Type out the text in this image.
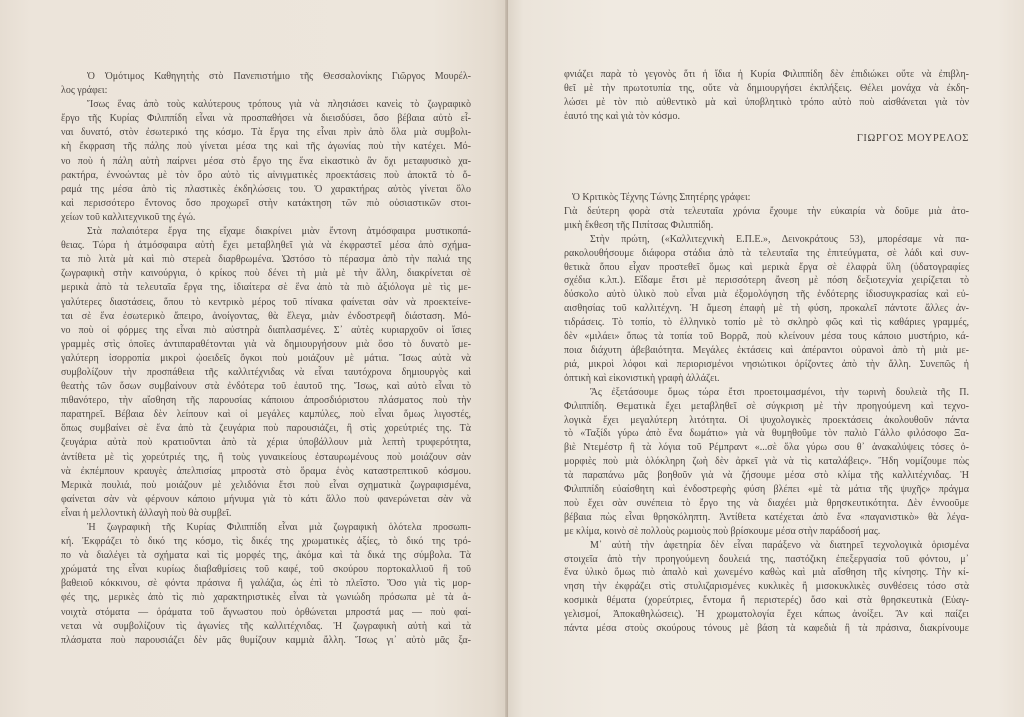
Ὁ Ὁμότιμος Καθηγητὴς στὸ Πανεπιστήμιο τῆς Θεσσαλονίκης Γιῶργος Μουρέλ-
λος γράφει:
Ἴσως ἕνας ἀπὸ τοὺς καλύτερους τρόπους γιὰ νὰ πλησιάσει κανεὶς τὸ ζωγραφικὸ
ἔργο τῆς Κυρίας Φιλιππίδη εἶναι νὰ προσπαθήσει νὰ διεισδύσει, ὅσο βέβαια αὐτὸ εἶ-
ναι δυνατό, στὸν ἐσωτερικό της κόσμο. Τὰ ἔργα της εἶναι πρὶν ἀπὸ ὅλα μιὰ συμβολι-
κὴ ἔκφραση τῆς πάλης ποὺ γίνεται μέσα της καὶ τῆς ἀγωνίας ποὺ τὴν κατέχει. Μό-
νο ποὺ ἡ πάλη αὐτὴ παίρνει μέσα στὸ ἔργο της ἕνα εἰκαστικὸ ἂν ὄχι μεταφυσικὸ χα-
ρακτήρα, ἐννοώντας μὲ τὸν ὅρο αὐτὸ τὶς αἰνιγματικὲς προεκτάσεις ποὺ ἀποκτᾶ τὸ ὅ-
ραμά της μέσα ἀπὸ τὶς πλαστικὲς ἐκδηλώσεις του. Ὁ χαρακτήρας αὐτὸς γίνεται ὅλο
καὶ περισσότερο ἔντονος ὅσο προχωρεῖ στὴν κατάκτηση τῶν πιὸ οὐσιαστικῶν στοι-
χείων τοῦ καλλιτεχνικοῦ της ἐγώ.
Στὰ παλαιότερα ἔργα της εἴχαμε διακρίνει μιὰν ἔντονη ἀτμόσφαιρα μυστικοπά-
θειας. Τώρα ἡ ἀτμόσφαιρα αὐτὴ ἔχει μεταβληθεῖ γιὰ νὰ ἐκφραστεῖ μέσα ἀπὸ σχήμα-
τα πιὸ λιτὰ μὰ καὶ πιὸ στερεὰ διαρθρωμένα. Ὡστόσο τὸ πέρασμα ἀπὸ τὴν παλιά της
ζωγραφικὴ στὴν καινούργια, ὁ κρίκος ποὺ δένει τὴ μιὰ μὲ τὴν ἄλλη, διακρίνεται σὲ
μερικὰ ἀπὸ τὰ τελευταῖα ἔργα της, ἰδιαίτερα σὲ ἕνα ἀπὸ τὰ πιὸ ἀξιόλογα μὲ τὶς με-
γαλύτερες διαστάσεις, ὅπου τὸ κεντρικὸ μέρος τοῦ πίνακα φαίνεται σὰν νὰ προεκτείνε-
ται σὲ ἕνα ἐσωτερικὸ ἄπειρο, ἀνοίγοντας, θὰ ἔλεγα, μιὰν ἐνδοστρεφῆ διάσταση. Μό-
νο ποὺ οἱ φόρμες της εἶναι πιὸ αὐστηρὰ διαπλασμένες. Σ᾿ αὐτὲς κυριαρχοῦν οἱ ἴσιες
γραμμὲς στὶς ὁποῖες ἀντιπαραθέτονται γιὰ νὰ δημιουργήσουν μιὰ ὅσο τὸ δυνατὸ με-
γαλύτερη ἰσορροπία μικροὶ ᾠοειδεῖς ὄγκοι ποὺ μοιάζουν μὲ μάτια. Ἴσως αὐτὰ νὰ
συμβολίζουν τὴν προσπάθεια τῆς καλλιτέχνιδας νὰ εἶναι ταυτόχρονα δημιουργὸς καὶ
θεατὴς τῶν ὅσων συμβαίνουν στὰ ἐνδότερα τοῦ ἑαυτοῦ της. Ἴσως, καὶ αὐτὸ εἶναι τὸ
πιθανότερο, τὴν αἴσθηση τῆς παρουσίας κάποιου ἀπροσδιόριστου πλάσματος ποὺ τὴν
παρατηρεῖ. Βέβαια δὲν λείπουν καὶ οἱ μεγάλες καμπύλες, ποὺ εἶναι ὅμως λιγοστές,
ὅπως συμβαίνει σὲ ἕνα ἀπὸ τὰ ζευγάρια ποὺ παρουσιάζει, ἢ στὶς χορεύτριές της. Τὰ
ζευγάρια αὐτὰ ποὺ κρατιοῦνται ἀπὸ τὰ χέρια ὑποβάλλουν μιὰ λεπτὴ τρυφερότητα,
ἀντίθετα μὲ τὶς χορεύτριές της, ἢ τοὺς γυναικείους ἐσταυρωμένους ποὺ μοιάζουν σὰν
νὰ ἐκπέμπουν κραυγὲς ἀπελπισίας μπροστὰ στὸ ὅραμα ἑνὸς καταστρεπτικοῦ κόσμου.
Μερικὰ πουλιά, ποὺ μοιάζουν μὲ χελιδόνια ἔτσι ποὺ εἶναι σχηματικὰ ζωγραφισμένα,
φαίνεται σὰν νὰ φέρνουν κάποιο μήνυμα γιὰ τὸ κάτι ἄλλο ποὺ φανερώνεται σὰν νὰ
εἶναι ἡ μελλοντικὴ ἀλλαγὴ ποὺ θὰ συμβεῖ.
Ἡ ζωγραφικὴ τῆς Κυρίας Φιλιππίδη εἶναι μιὰ ζωγραφικὴ ὁλότελα προσωπι-
κή. Ἐκφράζει τὸ δικό της κόσμο, τὶς δικές της χρωματικὲς ἀξίες, τὸ δικό της τρό-
πο νὰ διαλέγει τὰ σχήματα καὶ τὶς μορφές της, ἀκόμα καὶ τὰ δικά της σύμβολα. Τὰ
χρώματά της εἶναι κυρίως διαβαθμίσεις τοῦ καφέ, τοῦ σκούρου πορτοκαλλιοῦ ἢ τοῦ
βαθειοῦ κόκκινου, σὲ φόντα πράσινα ἢ γαλάζια, ὡς ἐπὶ τὸ πλεῖστο. Ὅσο γιὰ τὶς μορ-
φές της, μερικὲς ἀπὸ τὶς πιὸ χαρακτηριστικὲς εἶναι τὰ γωνιώδη πρόσωπα μὲ τὰ ἀ-
νοιχτὰ στόματα — ὁράματα τοῦ ἄγνωστου ποὺ ὀρθώνεται μπροστά μας — ποὺ φαί-
νεται νὰ συμβολίζουν τὶς ἀγωνίες τῆς καλλιτέχνιδας. Ἡ ζωγραφικὴ αὐτὴ καὶ τὰ
πλάσματα ποὺ παρουσιάζει δὲν μᾶς θυμίζουν καμμιὰ ἄλλη. Ἴσως γι᾿ αὐτὸ μᾶς ξα-
φνιάζει παρὰ τὸ γεγονὸς ὅτι ἡ ἴδια ἡ Κυρία Φιλιππίδη δὲν ἐπιδιώκει οὔτε νὰ ἐπιβλη-
θεῖ μὲ τὴν πρωτοτυπία της, οὔτε νὰ δημιουργήσει ἐκπλήξεις. Θέλει μονάχα νὰ ἐκδη-
λώσει μὲ τὸν πιὸ αὐθεντικὸ μὰ καὶ ὑποβλητικὸ τρόπο αὐτὸ ποὺ αἰσθάνεται γιὰ τὸν
ἑαυτό της καὶ γιὰ τὸν κόσμο.
ΓΙΩΡΓΟΣ ΜΟΥΡΕΛΟΣ
Ὁ Κριτικὸς Τέχνης Τώνης Σπητέρης γράφει:
Γιὰ δεύτερη φορὰ στὰ τελευταῖα χρόνια ἔχουμε τὴν εὐκαιρία νὰ δοῦμε μιὰ ἀτο-
μικὴ ἔκθεση τῆς Πιπίτσας Φιλιππίδη.
Στὴν πρώτη, («Καλλιτεχνικὴ Ε.Π.Ε.», Δεινοκράτους 53), μπορέσαμε νὰ πα-
ρακολουθήσουμε διάφορα στάδια ἀπὸ τὰ τελευταῖα της ἐπιτεύγματα, σὲ λάδι καὶ συν-
θετικὰ ὅπου εἶχαν προστεθεῖ ὅμως καὶ μερικὰ ἔργα σὲ ἐλαφρὰ ὕλη (ὑδατογραφίες
σχέδια κ.λπ.). Εἴδαμε ἔτσι μὲ περισσότερη ἄνεση μὲ πόση δεξιοτεχνία χειρίζεται τὸ
δύσκολο αὐτὸ ὑλικὸ ποὺ εἶναι μιὰ ἐξομολόγηση τῆς ἐνδότερης ἰδιοσυγκρασίας καὶ εὐ-
αισθησίας τοῦ καλλιτέχνη. Ἡ ἄμεση ἐπαφὴ μὲ τὴ φύση, προκαλεῖ πάντοτε ἄλλες ἀν-
τιδράσεις. Τὸ τοπίο, τὸ ἑλληνικὸ τοπίο μὲ τὸ σκληρὸ φῶς καὶ τὶς καθάριες γραμμές,
δὲν «μιλάει» ὅπως τὰ τοπία τοῦ Βορρᾶ, ποὺ κλείνουν μέσα τους κάποιο μυστήριο, κά-
ποια διάχυτη ἀβεβαιότητα. Μεγάλες ἐκτάσεις καὶ ἀπέραντοι οὐρανοὶ ἀπὸ τὴ μιὰ με-
ριά, μικροὶ λόφοι καὶ περιορισμένοι νησιώτικοι ὁρίζοντες ἀπὸ τὴν ἄλλη. Συνεπῶς ἡ
ὀπτικὴ καὶ εἰκονιστικὴ γραφὴ ἀλλάζει.
Ἂς ἐξετάσουμε ὅμως τώρα ἔτσι προετοιμασμένοι, τὴν τωρινὴ δουλειὰ τῆς Π.
Φιλιππίδη. Θεματικὰ ἔχει μεταβληθεῖ σὲ σύγκριση μὲ τὴν προηγούμενη καὶ τεχνο-
λογικὰ ἔχει μεγαλύτερη λιτότητα. Οἱ ψυχολογικὲς προεκτάσεις ἀκολουθοῦν πάντα
τὸ «Ταξίδι γύρω ἀπὸ ἕνα δωμάτιο» γιὰ νὰ θυμηθοῦμε τὸν παλιὸ Γάλλο φιλόσοφο Ξα-
βιὲ Ντεμέστρ ἢ τὰ λόγια τοῦ Ρέμπραντ «...σὲ ὅλα γύρω σου θ᾿ ἀνακαλύψεις τόσες ὀ-
μορφιὲς ποὺ μιὰ ὁλόκληρη ζωὴ δὲν ἀρκεῖ γιὰ νὰ τὶς καταλάβεις». Ἤδη νομίζουμε πὼς
τὰ παραπάνω μᾶς βοηθοῦν γιὰ νὰ ζήσουμε μέσα στὸ κλίμα τῆς καλλιτέχνιδας. Ἡ
Φιλιππίδη εὐαίσθητη καὶ ἐνδοστρεφὴς φύση βλέπει «μὲ τὰ μάτια τῆς ψυχῆς» πράγμα
ποὺ ἔχει σὰν συνέπεια τὸ ἔργο της νὰ διαχέει μιὰ θρησκευτικότητα. Δὲν ἐννοοῦμε
βέβαια πὼς εἶναι θρησκόληπτη. Ἀντίθετα κατέχεται ἀπὸ ἕνα «παγανιστικὸ» θὰ λέγα-
με κλίμα, κοινὸ σὲ πολλοὺς ρωμιοὺς ποὺ βρίσκουμε μέσα στὴν παράδοσή μας.
Μ᾿ αὐτὴ τὴν ἀφετηρία δὲν εἶναι παράξενο νὰ διατηρεῖ τεχνολογικὰ ὁρισμένα
στοιχεῖα ἀπὸ τὴν προηγούμενη δουλειά της, παστόζικη ἐπεξεργασία τοῦ φόντου, μ᾿
ἕνα ὑλικὸ ὅμως πιὸ ἁπαλὸ καὶ χωνεμένο καθὼς καὶ μιὰ αἴσθηση τῆς κίνησης. Τὴν κί-
νηση τὴν ἐκφράζει στὶς στυλιζαρισμένες κυκλικὲς ἢ μισοκυκλικὲς συνθέσεις τόσο στὰ
κοσμικὰ θέματα (χορεύτριες, ἔντομα ἢ περιστερές) ὅσο καὶ στὰ θρησκευτικὰ (Εὐαγ-
γελισμοί, Ἀποκαθηλώσεις). Ἡ χρωματολογία ἔχει κάπως ἀνοίξει. Ἂν καὶ παίζει
πάντα μέσα στοὺς σκούρους τόνους μὲ βάση τὰ καφεδιὰ ἢ τὰ πράσινα, διακρίνουμε
